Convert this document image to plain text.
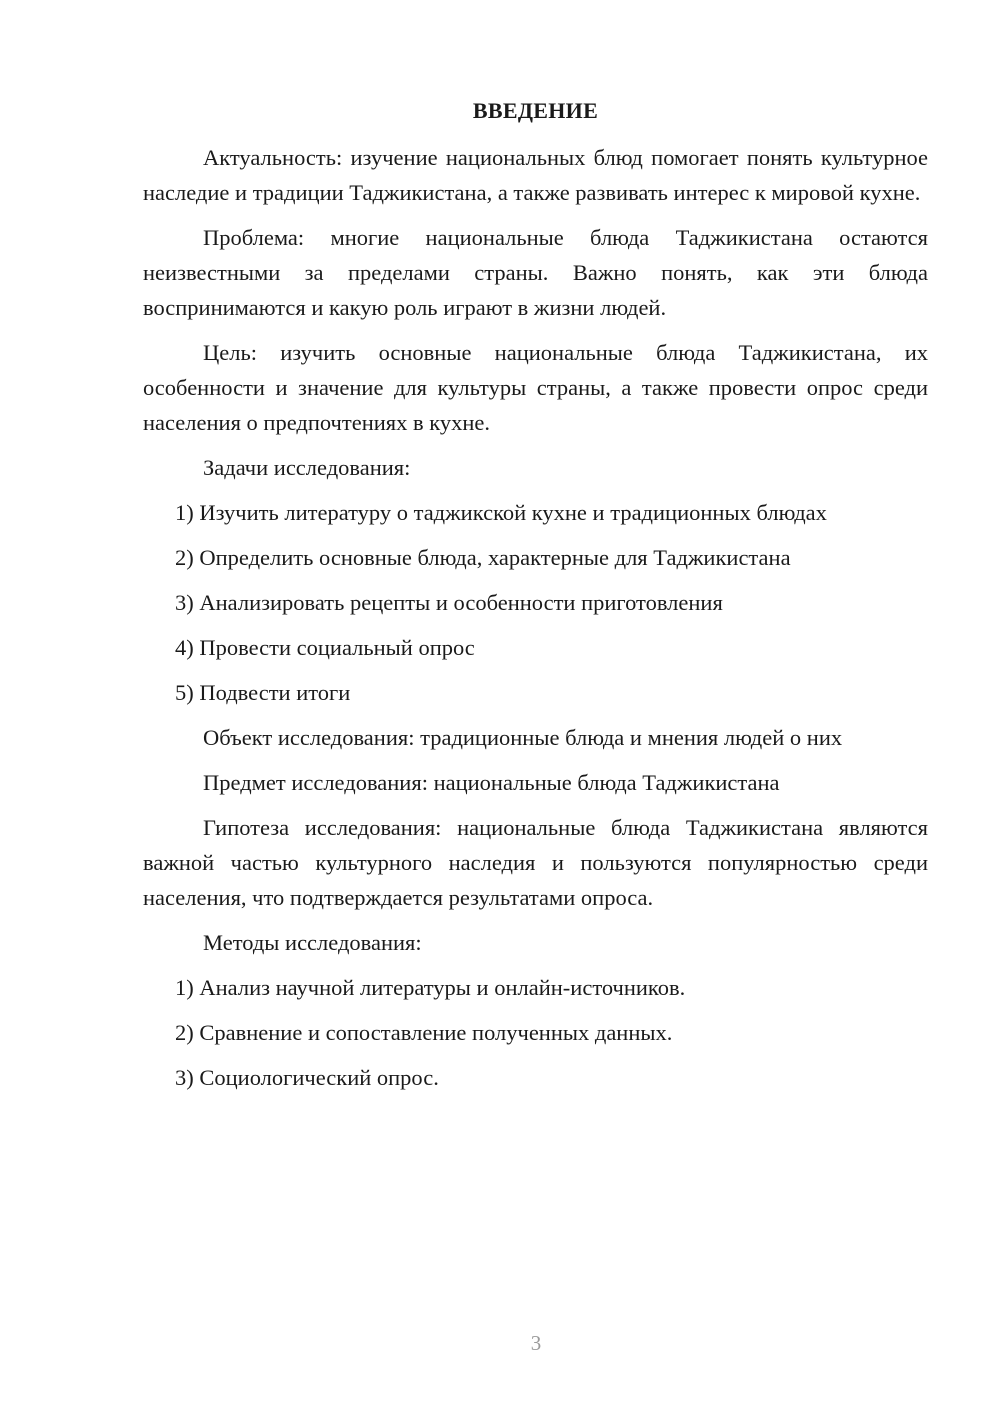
ВВЕДЕНИЕ

Актуальность: изучение национальных блюд помогает понять культурное наследие и традиции Таджикистана, а также развивать интерес к мировой кухне.

Проблема: многие национальные блюда Таджикистана остаются неизвестными за пределами страны. Важно понять, как эти блюда воспринимаются и какую роль играют в жизни людей.

Цель: изучить основные национальные блюда Таджикистана, их особенности и значение для культуры страны, а также провести опрос среди населения о предпочтениях в кухне.

Задачи исследования:

1) Изучить литературу о таджикской кухне и традиционных блюдах

2) Определить основные блюда, характерные для Таджикистана

3) Анализировать рецепты и особенности приготовления

4) Провести социальный опрос

5) Подвести итоги

Объект исследования: традиционные блюда и мнения людей о них

Предмет исследования: национальные блюда Таджикистана

Гипотеза исследования: национальные блюда Таджикистана являются важной частью культурного наследия и пользуются популярностью среди населения, что подтверждается результатами опроса.

Методы исследования:

1) Анализ научной литературы и онлайн-источников.

2) Сравнение и сопоставление полученных данных.

3) Социологический опрос.

3
